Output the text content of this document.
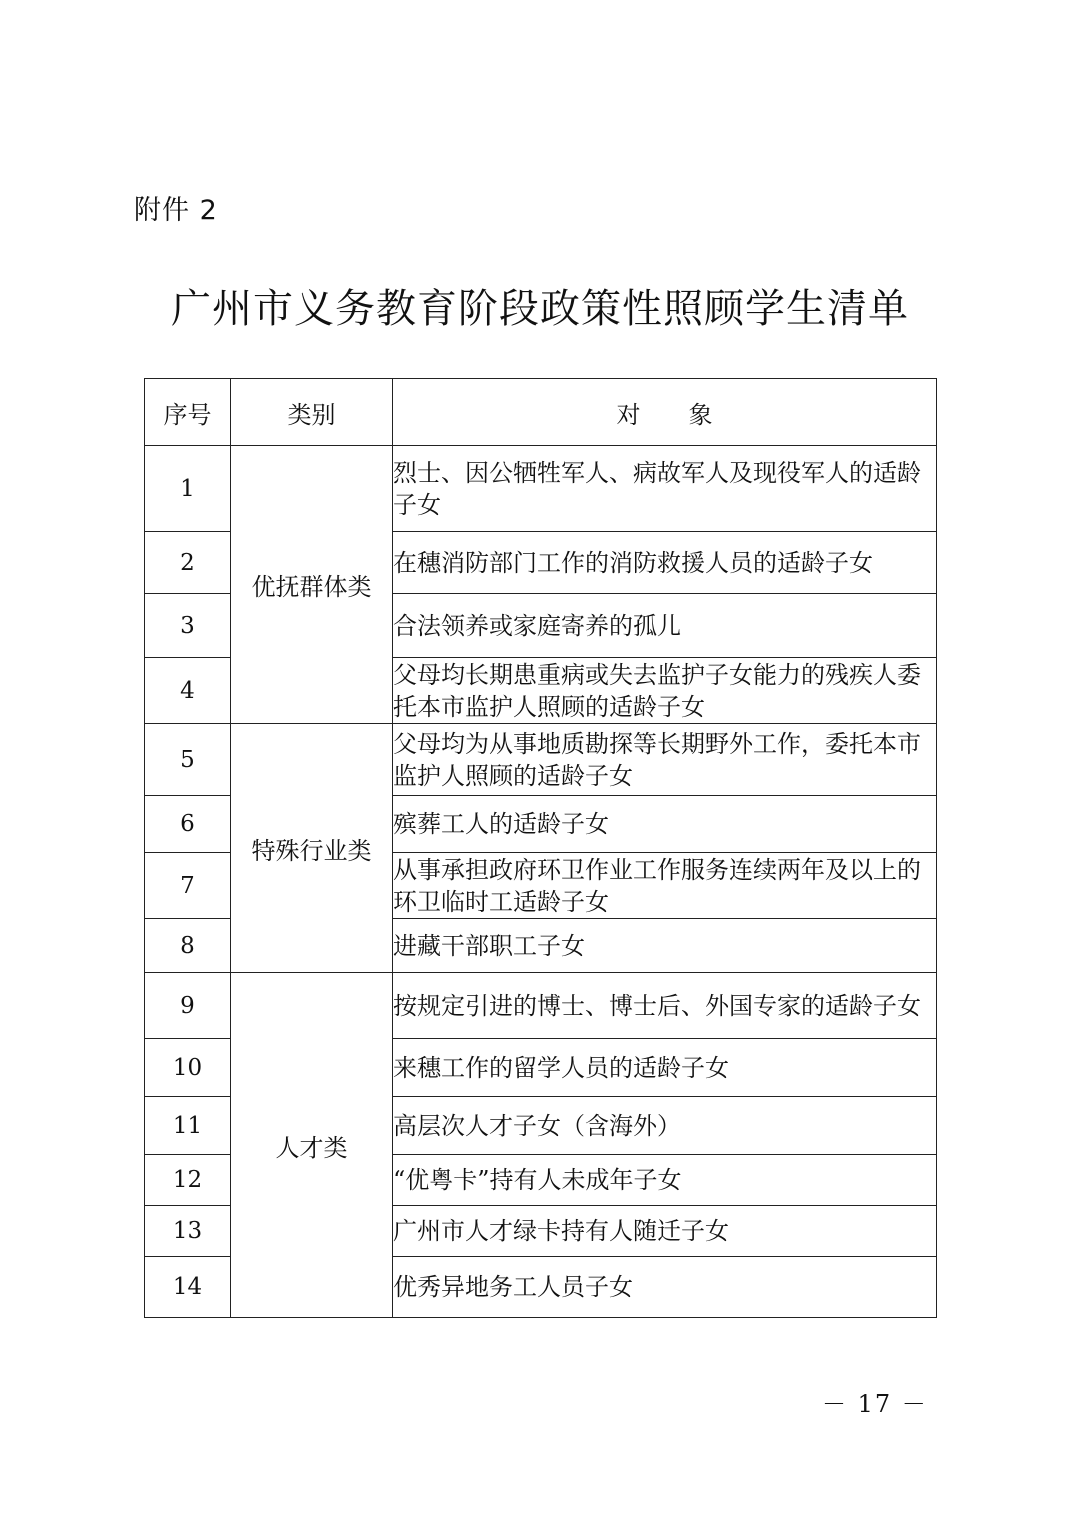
附件 2
广州市义务教育阶段政策性照顾学生清单
序号	类别	对　　象
1	优抚群体类	烈士、因公牺牲军人、病故军人及现役军人的适龄子女
2		在穗消防部门工作的消防救援人员的适龄子女
3		合法领养或家庭寄养的孤儿
4		父母均长期患重病或失去监护子女能力的残疾人委托本市监护人照顾的适龄子女
5	特殊行业类	父母均为从事地质勘探等长期野外工作，委托本市监护人照顾的适龄子女
6		殡葬工人的适龄子女
7		从事承担政府环卫作业工作服务连续两年及以上的环卫临时工适龄子女
8		进藏干部职工子女
9	人才类	按规定引进的博士、博士后、外国专家的适龄子女
10		来穗工作的留学人员的适龄子女
11		高层次人才子女（含海外）
12		“优粤卡”持有人未成年子女
13		广州市人才绿卡持有人随迁子女
14		优秀异地务工人员子女
－ 17 －
